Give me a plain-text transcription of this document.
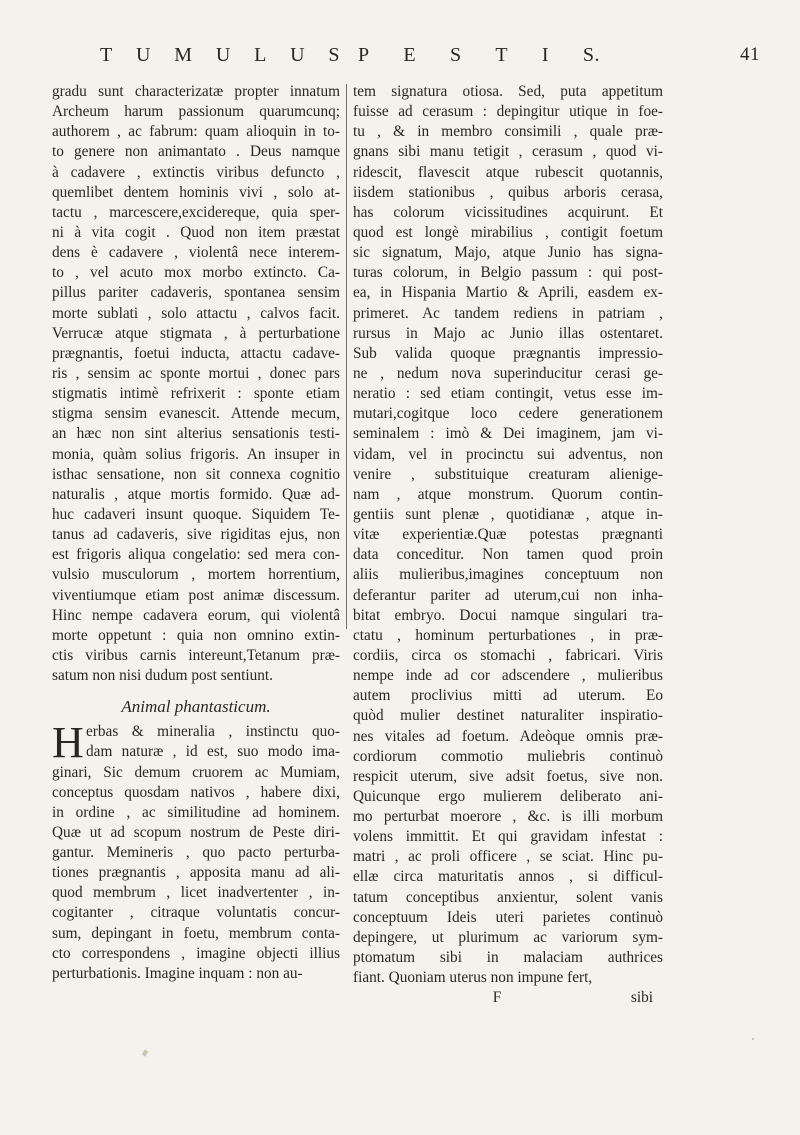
T U M U L U S P E S T I S.	41
gradu sunt characterizatæ propter innatum
Archeum harum passionum quarumcunq;
authorem , ac fabrum: quam alioquin in to-
to genere non animantato . Deus namque
à cadavere , extinctis viribus defuncto ,
quemlibet dentem hominis vivi , solo at-
tactu , marcescere,excidereque, quia sper-
ni à vita cogit . Quod non item præstat
dens è cadavere , violentâ nece interem-
to , vel acuto mox morbo extincto. Ca-
pillus pariter cadaveris, spontanea sensim
morte sublati , solo attactu , calvos facit.
Verrucæ atque stigmata , à perturbatione
prægnantis, foetui inducta, attactu cadave-
ris , sensim ac sponte mortui , donec pars
stigmatis intimè refrixerit : sponte etiam
stigma sensim evanescit. Attende mecum,
an hæc non sint alterius sensationis testi-
monia, quàm solius frigoris. An insuper in
isthac sensatione, non sit connexa cognitio
naturalis , atque mortis formido. Quæ ad-
huc cadaveri insunt quoque. Siquidem Te-
tanus ad cadaveris, sive rigiditas ejus, non
est frigoris aliqua congelatio: sed mera con-
vulsio musculorum , mortem horrentium,
viventiumque etiam post animæ discessum.
Hinc nempe cadavera eorum, qui violentâ
morte oppetunt : quia non omnino extin-
ctis viribus carnis intereunt,Tetanum præ-
satum non nisi dudum post sentiunt.
Animal phantasticum.
H erbas & mineralia , instinctu quo-
dam naturæ , id est, suo modo ima-
ginari, Sic demum cruorem ac Mumiam,
conceptus quosdam nativos , habere dixi,
in ordine , ac similitudine ad hominem.
Quæ ut ad scopum nostrum de Peste diri-
gantur. Memineris , quo pacto perturba-
tiones prægnantis , apposita manu ad ali-
quod membrum , licet inadvertenter , in-
cogitanter , citraque voluntatis concur-
sum, depingant in foetu, membrum conta-
cto correspondens , imagine objecti illius
perturbationis. Imagine inquam : non au-
tem signatura otiosa. Sed, puta appetitum
fuisse ad cerasum : depingitur utique in foe-
tu , & in membro consimili , quale præ-
gnans sibi manu tetigit , cerasum , quod vi-
ridescit, flavescit atque rubescit quotannis,
iisdem stationibus , quibus arboris cerasa,
has colorum vicissitudines acquirunt. Et
quod est longè mirabilius , contigit foetum
sic signatum, Majo, atque Junio has signa-
turas colorum, in Belgio passum : qui post-
ea, in Hispania Martio & Aprili, easdem ex-
primeret. Ac tandem rediens in patriam ,
rursus in Majo ac Junio illas ostentaret.
Sub valida quoque prægnantis impressio-
ne , nedum nova superinducitur cerasi ge-
neratio : sed etiam contingit, vetus esse im-
mutari,cogitque loco cedere generationem
seminalem : imò & Dei imaginem, jam vi-
vidam, vel in procinctu sui adventus, non
venire , substituique creaturam alienige-
nam , atque monstrum. Quorum contin-
gentiis sunt plenæ , quotidianæ , atque in-
vitæ experientiæ.Quæ potestas prægnanti
data conceditur. Non tamen quod proin
aliis mulieribus,imagines conceptuum non
deferantur pariter ad uterum,cui non inha-
bitat embryo. Docui namque singulari tra-
ctatu , hominum perturbationes , in præ-
cordiis, circa os stomachi , fabricari. Viris
nempe inde ad cor adscendere , mulieribus
autem proclivius mitti ad uterum. Eo
quòd mulier destinet naturaliter inspiratio-
nes vitales ad foetum. Adeòque omnis præ-
cordiorum commotio muliebris continuò
respicit uterum, sive adsit foetus, sive non.
Quicunque ergo mulierem deliberato ani-
mo perturbat moerore , &c. is illi morbum
volens immittit. Et qui gravidam infestat :
matri , ac proli officere , se sciat. Hinc pu-
ellæ circa maturitatis annos , si difficul-
tatum conceptibus anxientur, solent vanis
conceptuum Ideis uteri parietes continuò
depingere, ut plurimum ac variorum sym-
ptomatum sibi in malaciam authrices
fiant. Quoniam uterus non impune fert,
F	sibi
